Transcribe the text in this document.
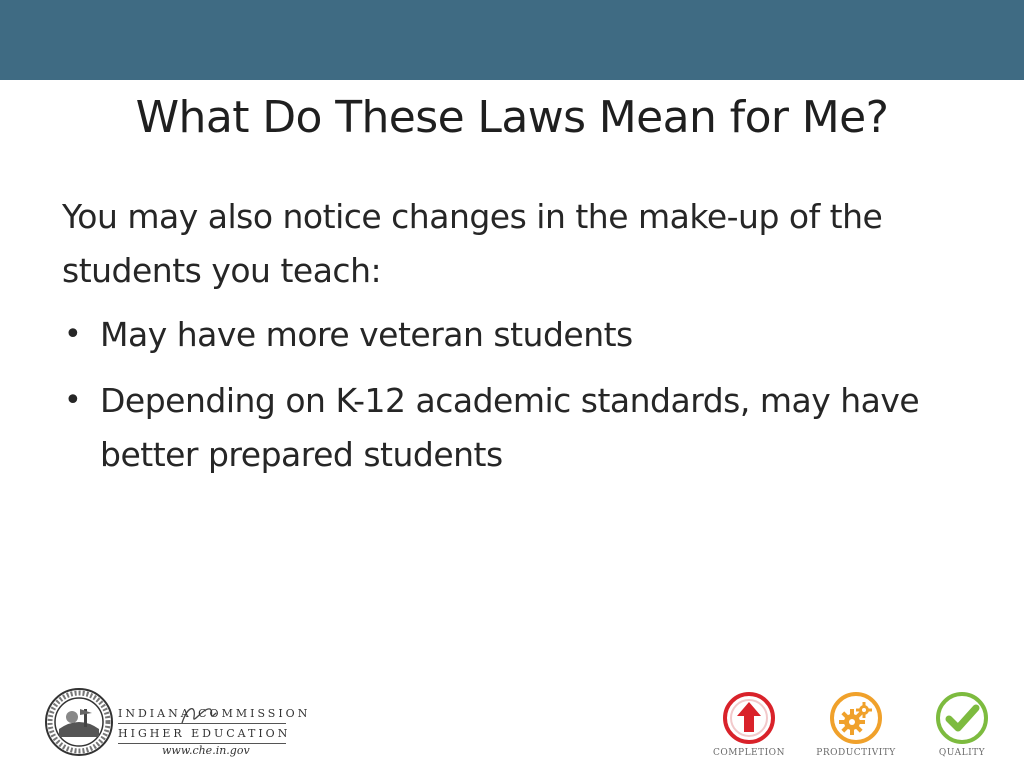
What Do These Laws Mean for Me?

You may also notice changes in the make-up of the students you teach:

• May have more veteran students
• Depending on K-12 academic standards, may have better prepared students
INDIANA COMMISSION
HIGHER EDUCATION
www.che.in.gov	COMPLETION	PRODUCTIVITY	QUALITY
